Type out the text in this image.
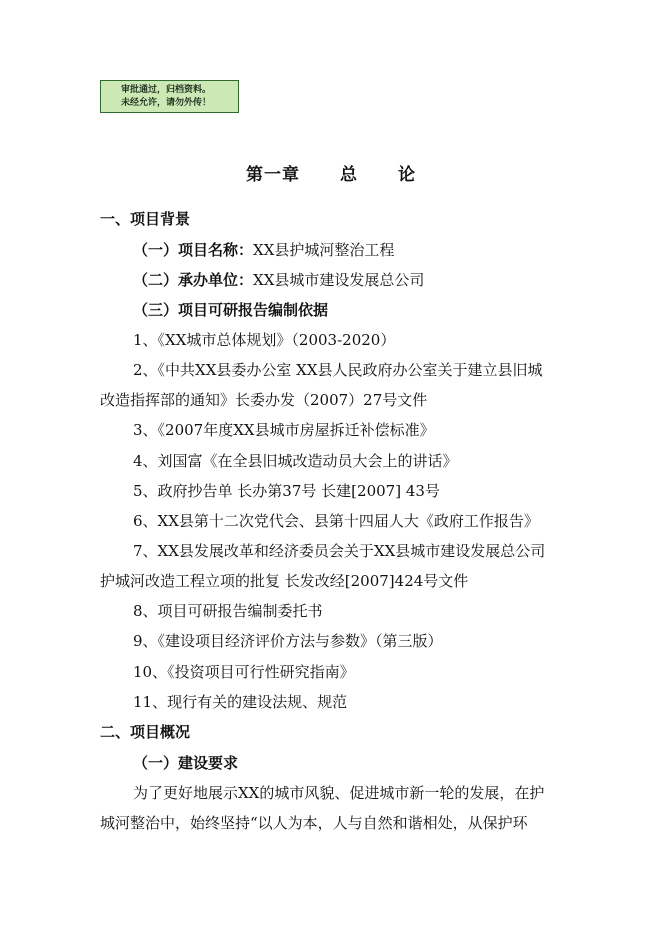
审批通过，归档资料。
未经允许，请勿外传！
第一章 总 论
一、项目背景
（一）项目名称：XX县护城河整治工程
（二）承办单位：XX县城市建设发展总公司
（三）项目可研报告编制依据
1、《XX城市总体规划》（2003-2020）
2、《中共XX县委办公室 XX县人民政府办公室关于建立县旧城
改造指挥部的通知》长委办发（2007）27号文件
3、《2007年度XX县城市房屋拆迁补偿标准》
4、刘国富《在全县旧城改造动员大会上的讲话》
5、政府抄告单 长办第37号 长建[2007] 43号
6、XX县第十二次党代会、县第十四届人大《政府工作报告》
7、XX县发展改革和经济委员会关于XX县城市建设发展总公司
护城河改造工程立项的批复 长发改经[2007]424号文件
8、项目可研报告编制委托书
9、《建设项目经济评价方法与参数》（第三版）
10、《投资项目可行性研究指南》
11、现行有关的建设法规、规范
二、项目概况
（一）建设要求
为了更好地展示XX的城市风貌、促进城市新一轮的发展，在护
城河整治中，始终坚持“以人为本，人与自然和谐相处，从保护环
